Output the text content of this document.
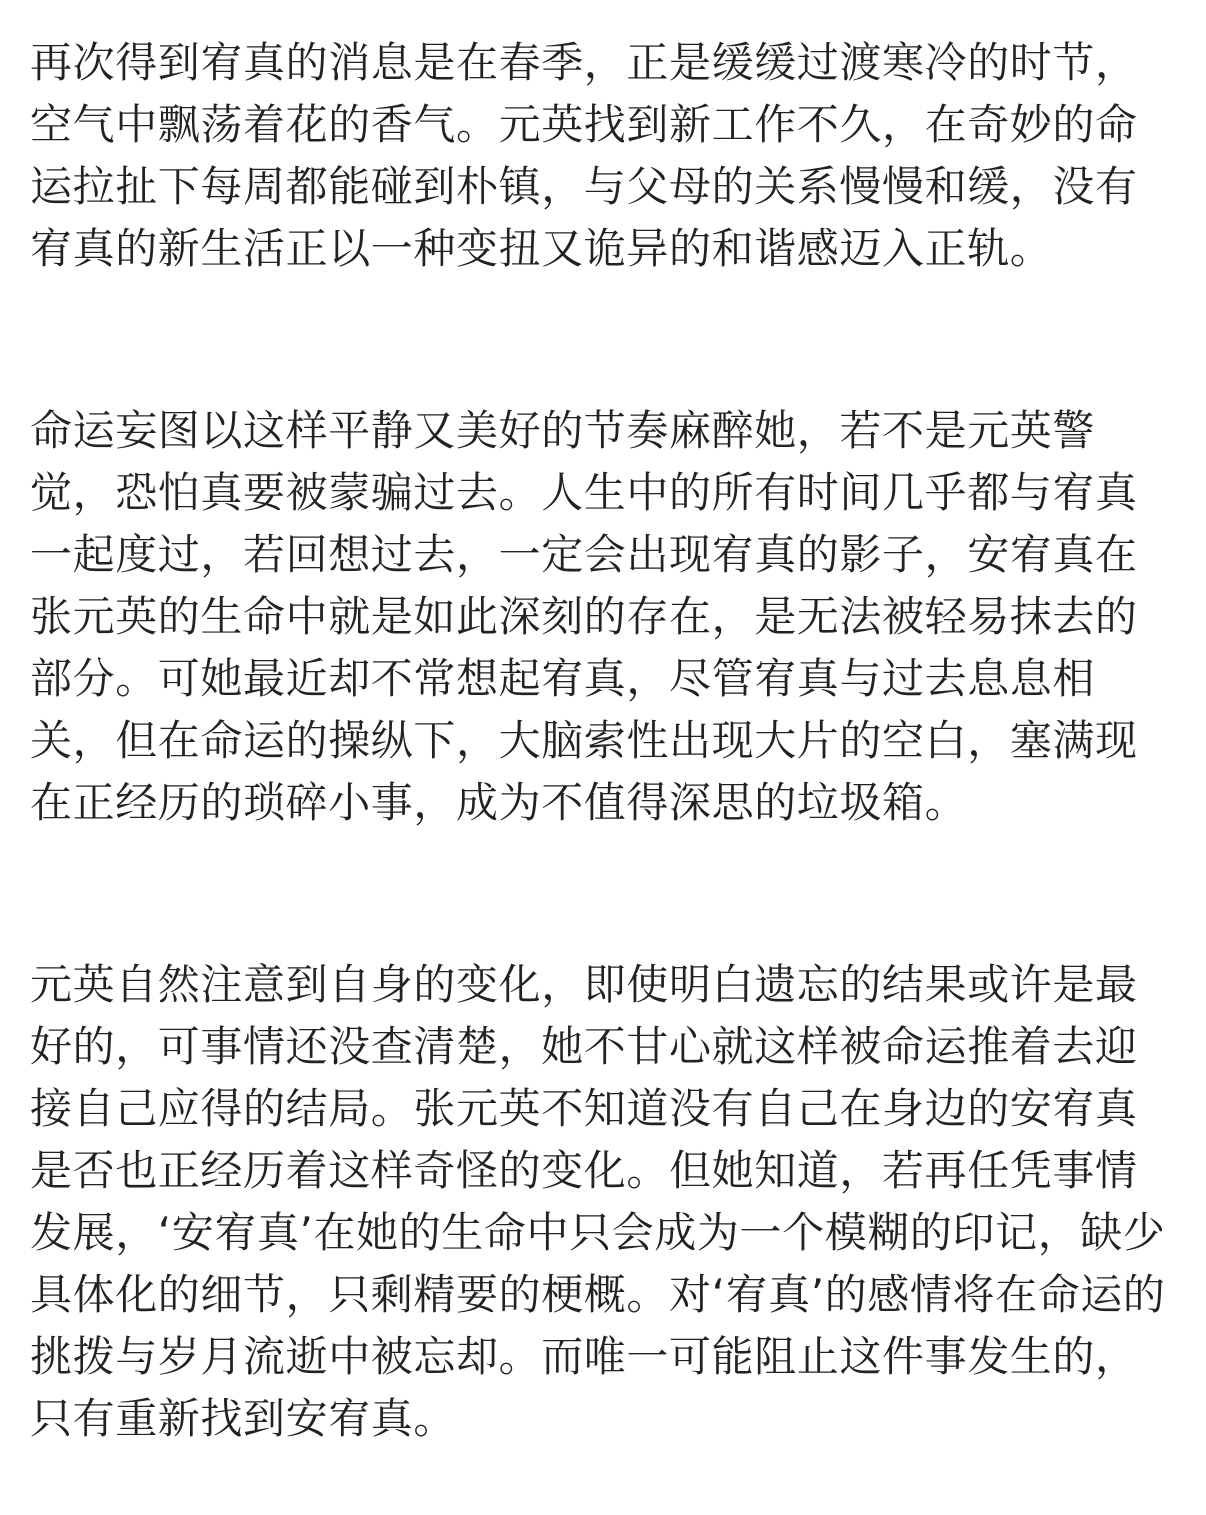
再次得到宥真的消息是在春季，正是缓缓过渡寒冷的时节，空气中飘荡着花的香气。元英找到新工作不久，在奇妙的命运拉扯下每周都能碰到朴镇，与父母的关系慢慢和缓，没有宥真的新生活正以一种变扭又诡异的和谐感迈入正轨。

命运妄图以这样平静又美好的节奏麻醉她，若不是元英警觉，恐怕真要被蒙骗过去。人生中的所有时间几乎都与宥真一起度过，若回想过去，一定会出现宥真的影子，安宥真在张元英的生命中就是如此深刻的存在，是无法被轻易抹去的部分。可她最近却不常想起宥真，尽管宥真与过去息息相关，但在命运的操纵下，大脑索性出现大片的空白，塞满现在正经历的琐碎小事，成为不值得深思的垃圾箱。

元英自然注意到自身的变化，即使明白遗忘的结果或许是最好的，可事情还没查清楚，她不甘心就这样被命运推着去迎接自己应得的结局。张元英不知道没有自己在身边的安宥真是否也正经历着这样奇怪的变化。但她知道，若再任凭事情发展，‘安宥真’在她的生命中只会成为一个模糊的印记，缺少具体化的细节，只剩精要的梗概。对‘宥真’的感情将在命运的挑拨与岁月流逝中被忘却。而唯一可能阻止这件事发生的，只有重新找到安宥真。
